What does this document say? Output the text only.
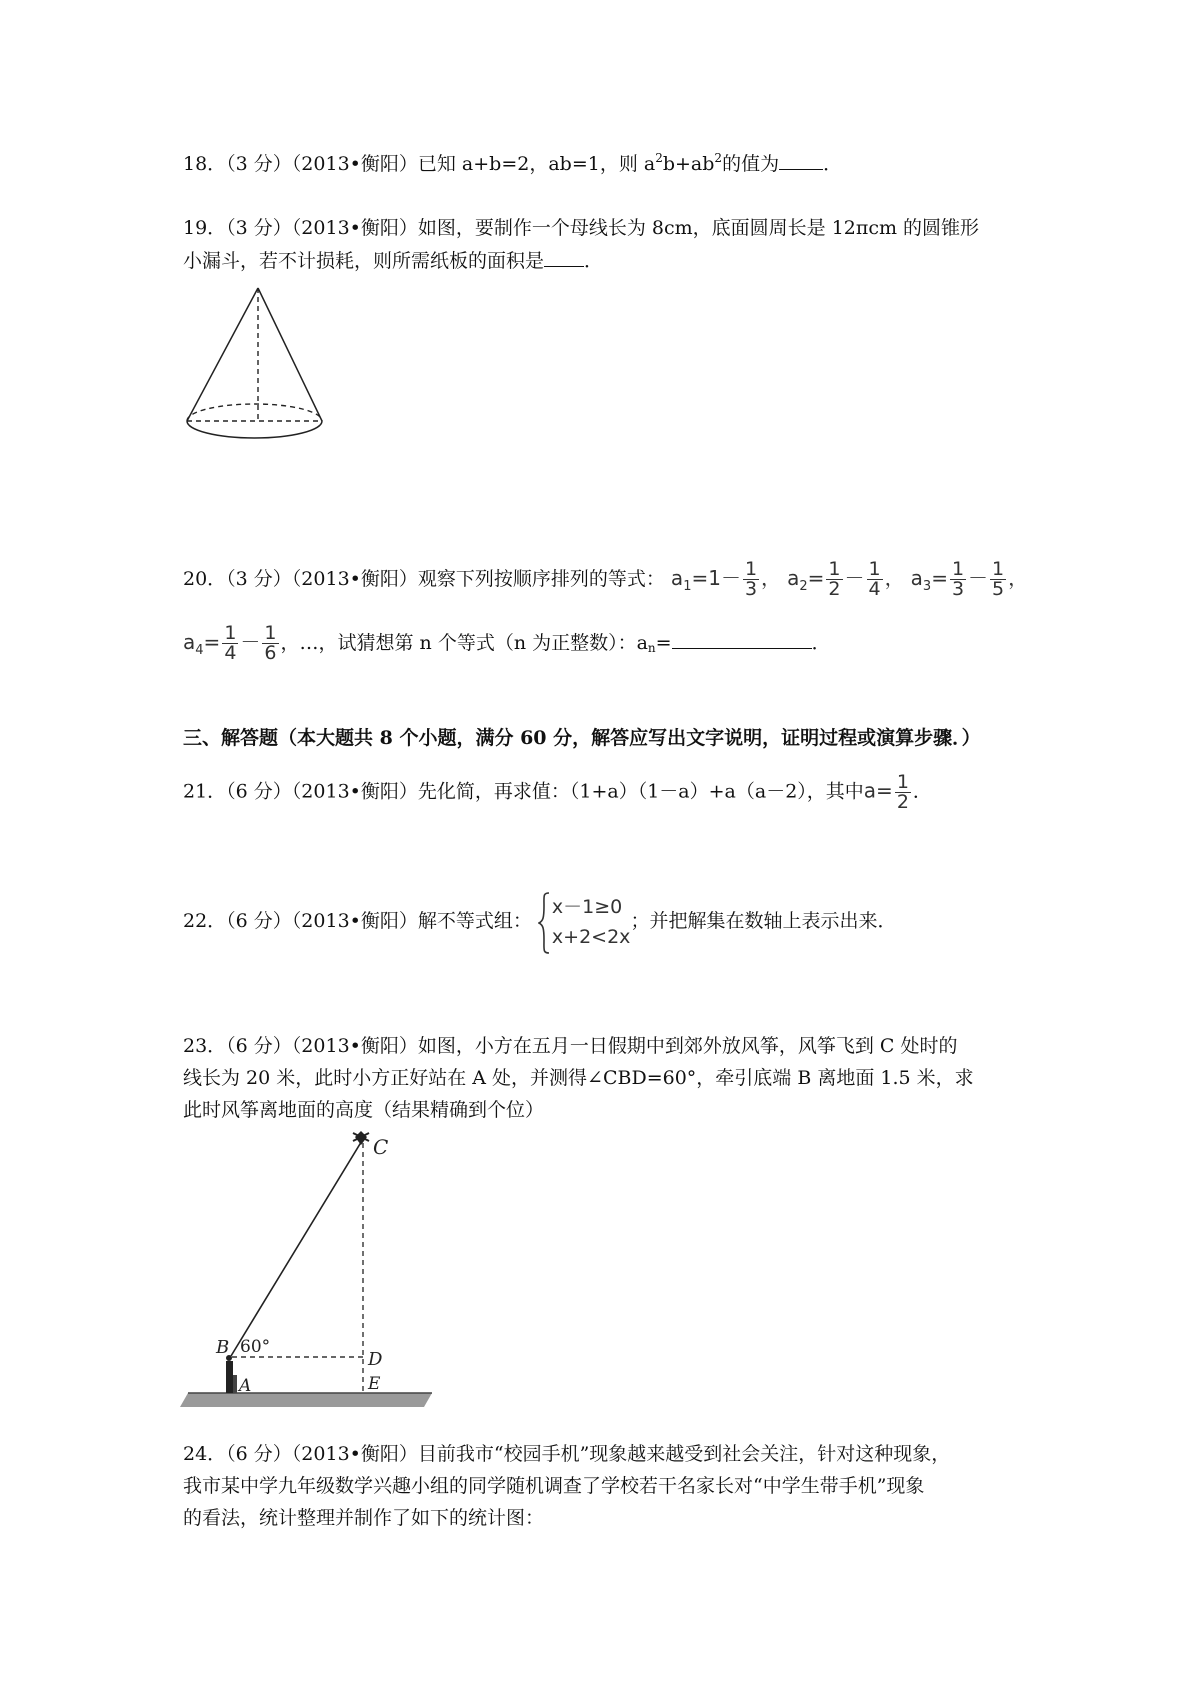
18．（3 分）（2013•衡阳）已知 a+b=2，ab=1，则 $a^2b+ab^2$的值为 ．
19．（3 分）（2013•衡阳）如图，要制作一个母线长为 8cm，底面圆周长是 12πcm 的圆锥形
小漏斗，若不计损耗，则所需纸板的面积是 ．
20．（3 分）（2013•衡阳）观察下列按顺序排列的等式： $a_1=1- \frac{1}{3}$ ， $a_2= \frac{1}{2} - \frac{1}{4}$ ， $a_3= \frac{1}{3} - \frac{1}{5}$ ，
$a_4= \frac{1}{4} - \frac{1}{6}$ ，…，试猜想第 n 个等式（n 为正整数）：$a_n=$	．
三、解答题（本大题共 8 个小题，满分 60 分，解答应写出文字说明，证明过程或演算步骤．）
21．（6 分）（2013•衡阳）先化简，再求值：（1+a）（1－a）+a（a－2），其中$a= \frac{1}{2}$ ．
22．（6 分）（2013•衡阳）解不等式组：
x－1≥0
x+2<2x
；并把解集在数轴上表示出来．
23．（6 分）（2013•衡阳）如图，小方在五月一日假期中到郊外放风筝，风筝飞到 C 处时的
线长为 20 米，此时小方正好站在 A 处，并测得∠CBD=60°，牵引底端 B 离地面 1.5 米，求
此时风筝离地面的高度（结果精确到个位）
C
B 60°
D
A	E
24．（6 分）（2013•衡阳）目前我市“校园手机”现象越来越受到社会关注，针对这种现象，
我市某中学九年级数学兴趣小组的同学随机调查了学校若干名家长对“中学生带手机”现象
的看法，统计整理并制作了如下的统计图：
